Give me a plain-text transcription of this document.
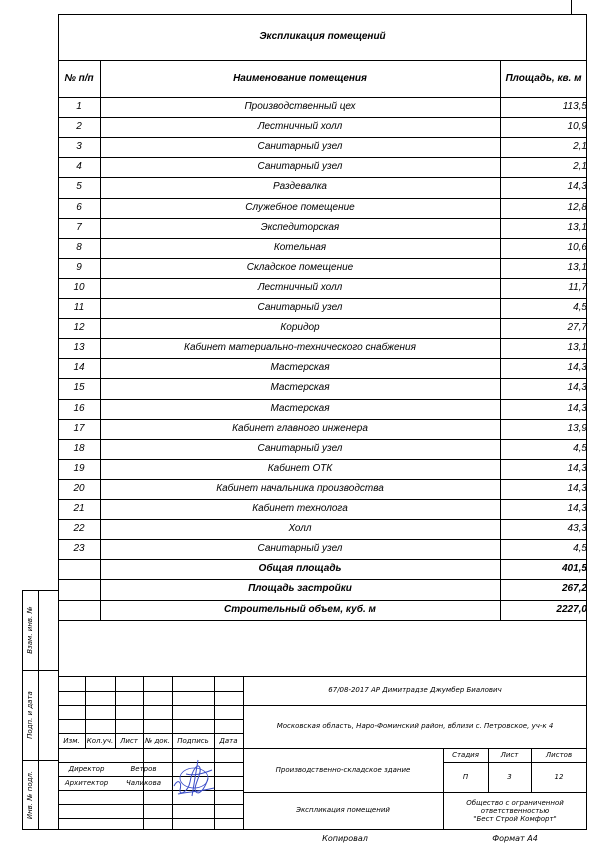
Экспликация помещений
№ п/п	Наименование помещения	Площадь, кв. м
1	Производственный цех	113,5
2	Лестничный холл	10,9
3	Санитарный узел	2,1
4	Санитарный узел	2,1
5	Раздевалка	14,3
6	Служебное помещение	12,8
7	Экспедиторская	13,1
8	Котельная	10,6
9	Складское помещение	13,1
10	Лестничный холл	11,7
11	Санитарный узел	4,5
12	Коридор	27,7
13	Кабинет материально-технического снабжения	13,1
14	Мастерская	14,3
15	Мастерская	14,3
16	Мастерская	14,3
17	Кабинет главного инженера	13,9
18	Санитарный узел	4,5
19	Кабинет ОТК	14,3
20	Кабинет начальника производства	14,3
21	Кабинет технолога	14,3
22	Холл	43,3
23	Санитарный узел	4,5
Общая площадь	401,5
Площадь застройки	267,2
Строительный объем, куб. м	2227,0
Взам. инв. №
Подп. и дата
Инв. № подл.
Изм.	Кол.уч. Лист	№ док.	Подпись	Дата
Директор	Ветров
Архитектор	Чаликова
67/08-2017 АР Димитрадзе Джумбер Биалович
Московская область, Наро-Фоминский район, вблизи с. Петровское, уч-к 4
Производственно-складское здание
Стадия	Лист	Листов
П	3	12
Экспликация помещений
Общество с ограниченной
ответственностью
"Бест Строй Комфорт"
Копировал	Формат А4
